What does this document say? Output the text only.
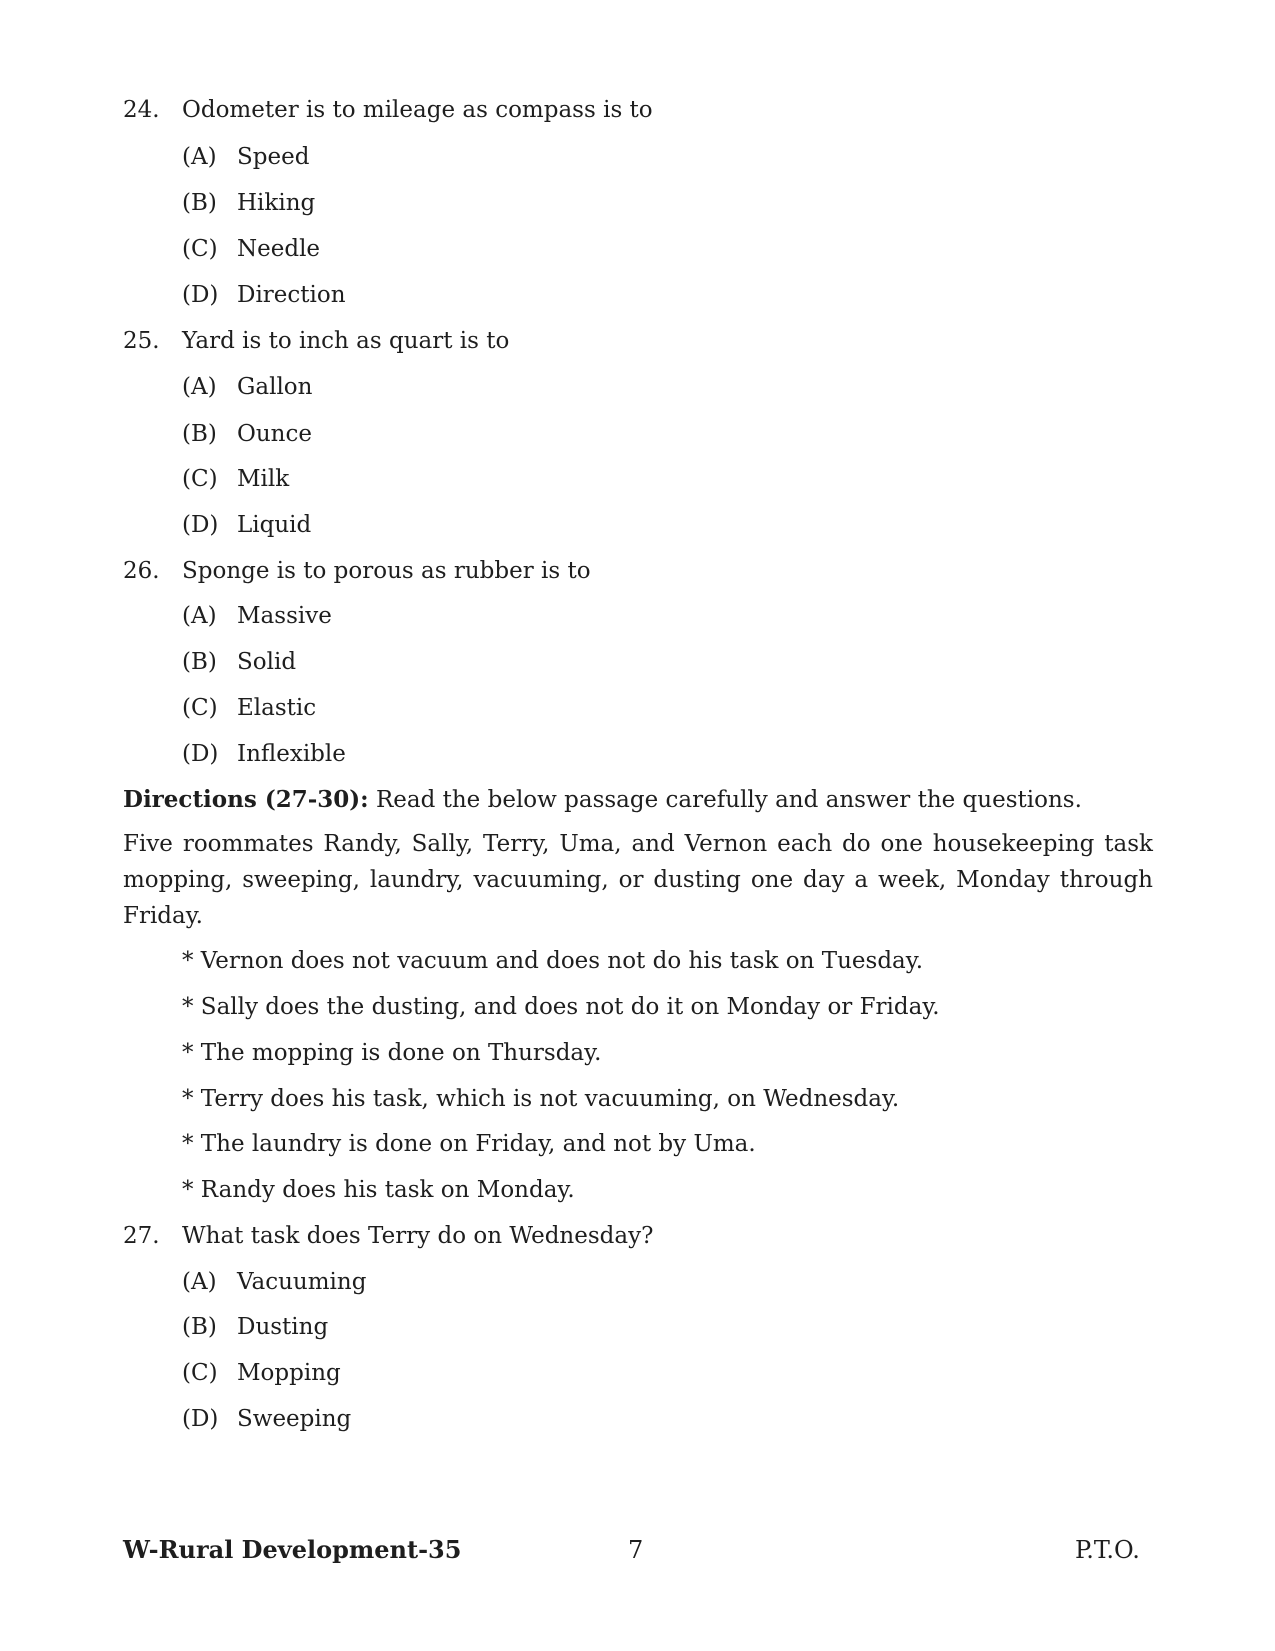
24. Odometer is to mileage as compass is to
(A) Speed
(B) Hiking
(C) Needle
(D) Direction
25. Yard is to inch as quart is to
(A) Gallon
(B) Ounce
(C) Milk
(D) Liquid
26. Sponge is to porous as rubber is to
(A) Massive
(B) Solid
(C) Elastic
(D) Inflexible
Directions (27-30): Read the below passage carefully and answer the questions.
Five roommates Randy, Sally, Terry, Uma, and Vernon each do one housekeeping task mopping, sweeping, laundry, vacuuming, or dusting one day a week, Monday through Friday.
* Vernon does not vacuum and does not do his task on Tuesday.
* Sally does the dusting, and does not do it on Monday or Friday.
* The mopping is done on Thursday.
* Terry does his task, which is not vacuuming, on Wednesday.
* The laundry is done on Friday, and not by Uma.
* Randy does his task on Monday.
27. What task does Terry do on Wednesday?
(A) Vacuuming
(B) Dusting
(C) Mopping
(D) Sweeping
W-Rural Development-35	7	P.T.O.
